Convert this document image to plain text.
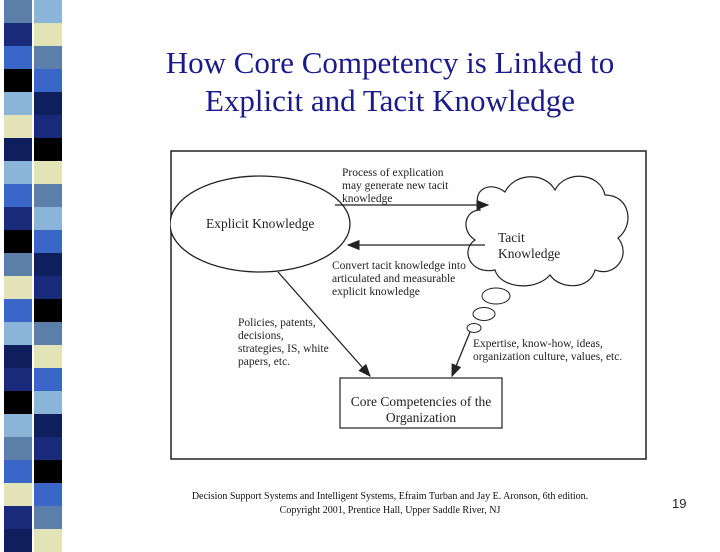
How Core Competency is Linked to
Explicit and Tacit Knowledge
Explicit Knowledge
Tacit
Knowledge
Core Competencies of the
Organization
Process of explication
may generate new tacit
knowledge
Convert tacit knowledge into
articulated and measurable
explicit knowledge
Policies, patents,
decisions,
strategies, IS, white
papers, etc.
Expertise, know-how, ideas,
organization culture, values, etc.
Decision Support Systems and Intelligent Systems, Efraim Turban and Jay E. Aronson, 6th edition.
Copyright 2001, Prentice Hall, Upper Saddle River, NJ	19
